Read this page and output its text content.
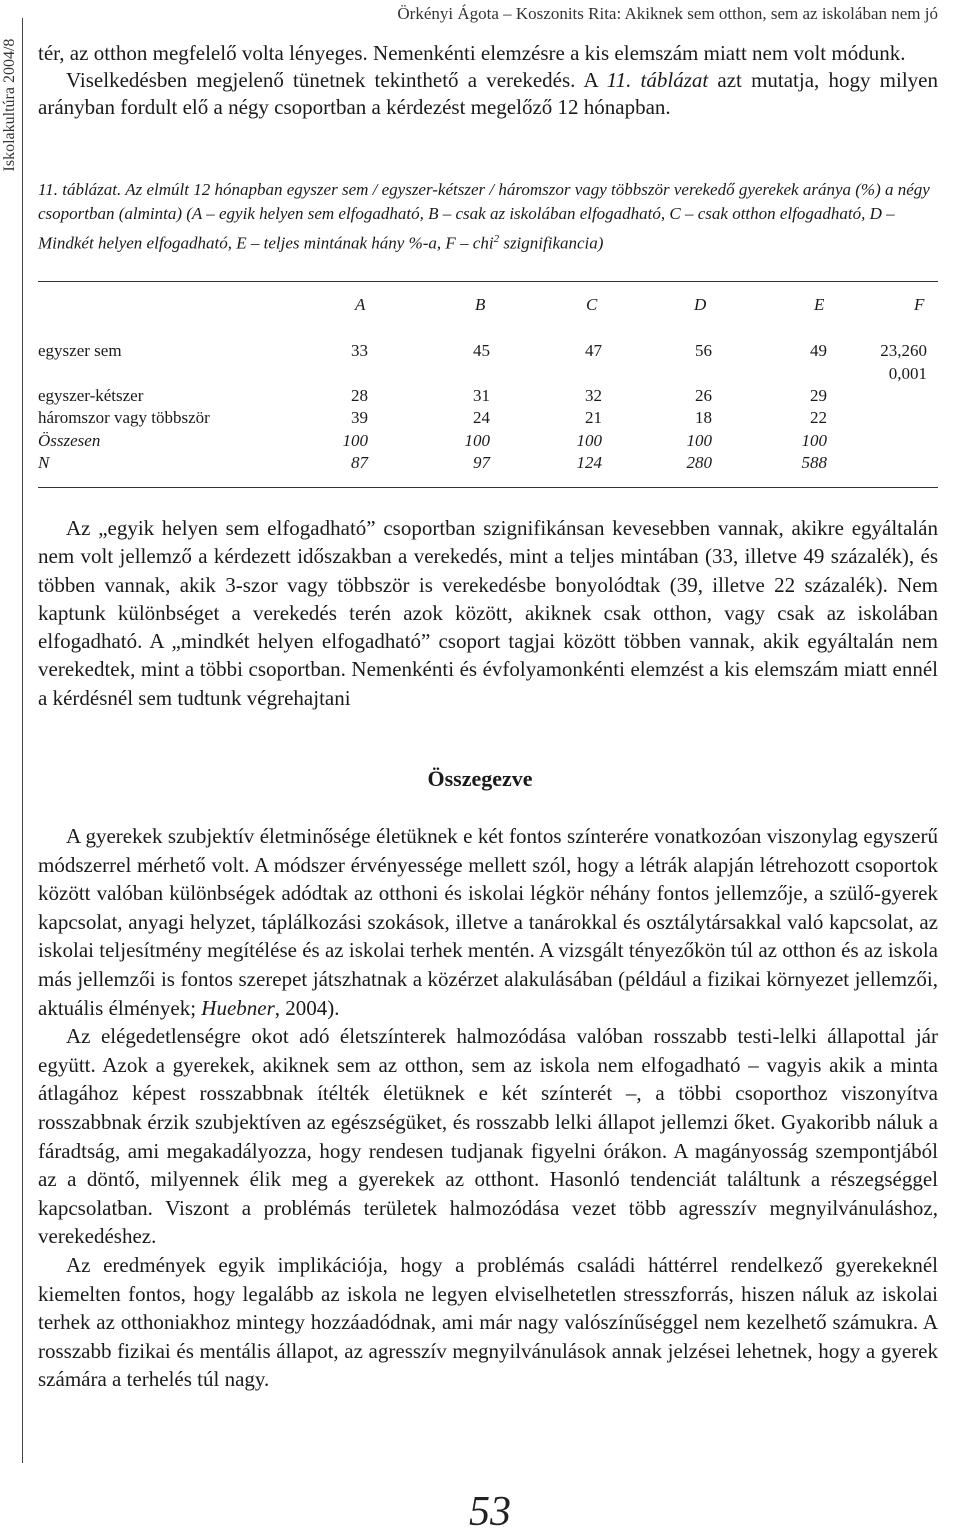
Iskolakultúra 2004/8
Örkényi Ágota – Koszonits Rita: Akiknek sem otthon, sem az iskolában nem jó

tér, az otthon megfelelő volta lényeges. Nemenkénti elemzésre a kis elemszám miatt nem volt módunk.

Viselkedésben megjelenő tünetnek tekinthető a verekedés. A 11. táblázat azt mutatja, hogy milyen arányban fordult elő a négy csoportban a kérdezést megelőző 12 hónapban.

11. táblázat. Az elmúlt 12 hónapban egyszer sem / egyszer-kétszer / háromszor vagy többször verekedő gyerekek aránya (%) a négy csoportban (alminta) (A – egyik helyen sem elfogadható, B – csak az iskolában elfogadható, C – csak otthon elfogadható, D – Mindkét helyen elfogadható, E – teljes mintának hány %-a, F – chi$^2$ szignifikancia)

A	B	C	D	E	F
egyszer sem	33	45	47	56	49	23,260
0,001
egyszer-kétszer	28	31	32	26	29
háromszor vagy többször	39	24	21	18	22
Összesen	100	100	100	100	100
N	87	97	124	280	588

Az „egyik helyen sem elfogadható” csoportban szignifikánsan kevesebben vannak, akikre egyáltalán nem volt jellemző a kérdezett időszakban a verekedés, mint a teljes mintában (33, illetve 49 százalék), és többen vannak, akik 3-szor vagy többször is verekedésbe bonyolódtak (39, illetve 22 százalék). Nem kaptunk különbséget a verekedés terén azok között, akiknek csak otthon, vagy csak az iskolában elfogadható. A „mindkét helyen elfogadható” csoport tagjai között többen vannak, akik egyáltalán nem verekedtek, mint a többi csoportban. Nemenkénti és évfolyamonkénti elemzést a kis elemszám miatt ennél a kérdésnél sem tudtunk végrehajtani

Összegezve

A gyerekek szubjektív életminősége életüknek e két fontos színterére vonatkozóan viszonylag egyszerű módszerrel mérhető volt. A módszer érvényessége mellett szól, hogy a létrák alapján létrehozott csoportok között valóban különbségek adódtak az otthoni és iskolai légkör néhány fontos jellemzője, a szülő-gyerek kapcsolat, anyagi helyzet, táplálkozási szokások, illetve a tanárokkal és osztálytársakkal való kapcsolat, az iskolai teljesítmény megítélése és az iskolai terhek mentén. A vizsgált tényezőkön túl az otthon és az iskola más jellemzői is fontos szerepet játszhatnak a közérzet alakulásában (például a fizikai környezet jellemzői, aktuális élmények; Huebner, 2004).

Az elégedetlenségre okot adó életszínterek halmozódása valóban rosszabb testi-lelki állapottal jár együtt. Azok a gyerekek, akiknek sem az otthon, sem az iskola nem elfogadható – vagyis akik a minta átlagához képest rosszabbnak ítélték életüknek e két színterét –, a többi csoporthoz viszonyítva rosszabbnak érzik szubjektíven az egészségüket, és rosszabb lelki állapot jellemzi őket. Gyakoribb náluk a fáradtság, ami megakadályozza, hogy rendesen tudjanak figyelni órákon. A magányosság szempontjából az a döntő, milyennek élik meg a gyerekek az otthont. Hasonló tendenciát találtunk a részegséggel kapcsolatban. Viszont a problémás területek halmozódása vezet több agresszív megnyilvánuláshoz, verekedéshez.

Az eredmények egyik implikációja, hogy a problémás családi háttérrel rendelkező gyerekeknél kiemelten fontos, hogy legalább az iskola ne legyen elviselhetetlen stresszforrás, hiszen náluk az iskolai terhek az otthoniakhoz mintegy hozzáadódnak, ami már nagy valószínűséggel nem kezelhető számukra. A rosszabb fizikai és mentális állapot, az agresszív megnyilvánulások annak jelzései lehetnek, hogy a gyerek számára a terhelés túl nagy.

53
